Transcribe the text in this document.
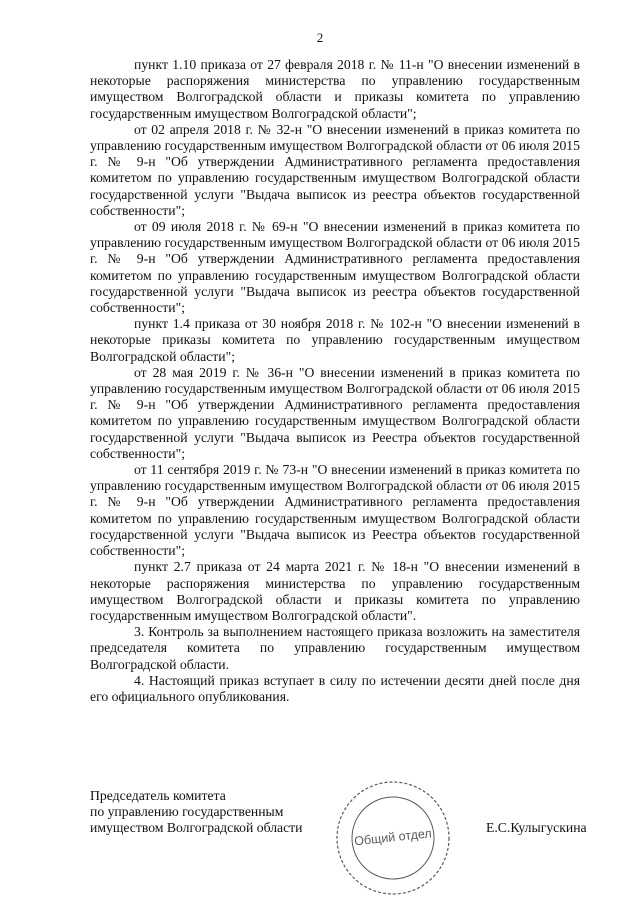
2

пункт 1.10 приказа от 27 февраля 2018 г. № 11-н "О внесении изменений в некоторые распоряжения министерства по управлению государственным имуществом Волгоградской области и приказы комитета по управлению государственным имуществом Волгоградской области";

от 02 апреля 2018 г. № 32-н "О внесении изменений в приказ комитета по управлению государственным имуществом Волгоградской области от 06 июля 2015 г. № 9-н "Об утверждении Административного регламента предоставления комитетом по управлению государственным имуществом Волгоградской области государственной услуги "Выдача выписок из реестра объектов государственной собственности";

от 09 июля 2018 г. № 69-н "О внесении изменений в приказ комитета по управлению государственным имуществом Волгоградской области от 06 июля 2015 г. № 9-н "Об утверждении Административного регламента предоставления комитетом по управлению государственным имуществом Волгоградской области государственной услуги "Выдача выписок из реестра объектов государственной собственности";

пункт 1.4 приказа от 30 ноября 2018 г. № 102-н "О внесении изменений в некоторые приказы комитета по управлению государственным имуществом Волгоградской области";

от 28 мая 2019 г. № 36-н "О внесении изменений в приказ комитета по управлению государственным имуществом Волгоградской области от 06 июля 2015 г. № 9-н "Об утверждении Административного регламента предоставления комитетом по управлению государственным имуществом Волгоградской области государственной услуги "Выдача выписок из Реестра объектов государственной собственности";

от 11 сентября 2019 г. № 73-н "О внесении изменений в приказ комитета по управлению государственным имуществом Волгоградской области от 06 июля 2015 г. № 9-н "Об утверждении Административного регламента предоставления комитетом по управлению государственным имуществом Волгоградской области государственной услуги "Выдача выписок из Реестра объектов государственной собственности";

пункт 2.7 приказа от 24 марта 2021 г. № 18-н "О внесении изменений в некоторые распоряжения министерства по управлению государственным имуществом Волгоградской области и приказы комитета по управлению государственным имуществом Волгоградской области".

3. Контроль за выполнением настоящего приказа возложить на заместителя председателя комитета по управлению государственным имуществом Волгоградской области.

4. Настоящий приказ вступает в силу по истечении десяти дней после дня его официального опубликования.

Председатель комитета
по управлению государственным
имуществом Волгоградской области	Общий отдел	Е.С.Кулыгускина
